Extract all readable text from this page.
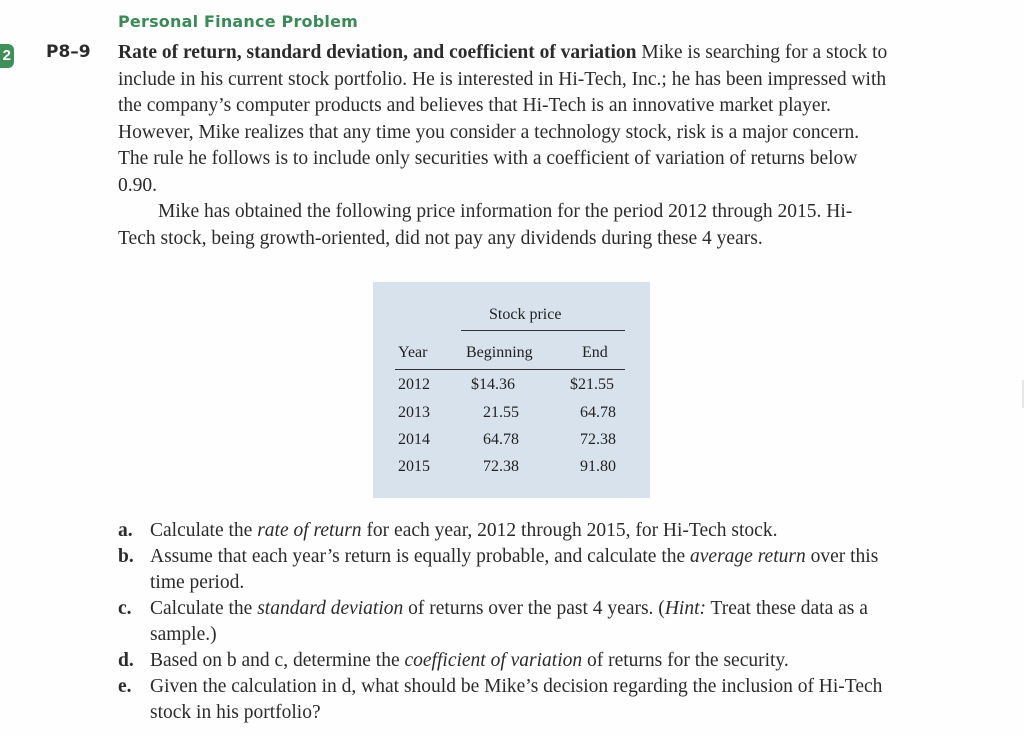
2
Personal Finance Problem
P8–9 Rate of return, standard deviation, and coefficient of variation Mike is searching for a stock to include in his current stock portfolio. He is interested in Hi-Tech, Inc.; he has been impressed with the company’s computer products and believes that Hi-Tech is an innovative market player. However, Mike realizes that any time you consider a technology stock, risk is a major concern. The rule he follows is to include only securities with a coefficient of variation of returns below 0.90.

Mike has obtained the following price information for the period 2012 through 2015. Hi-Tech stock, being growth-oriented, did not pay any dividends during these 4 years.

Stock price
Year Beginning	End
2012	$14.36	$21.55
2013	21.55	64.78
2014	64.78	72.38
2015	72.38	91.80
a. Calculate the rate of return for each year, 2012 through 2015, for Hi-Tech stock.
b. Assume that each year’s return is equally probable, and calculate the average return over this time period.
c. Calculate the standard deviation of returns over the past 4 years. (Hint: Treat these data as a sample.)
d. Based on b and c, determine the coefficient of variation of returns for the security.
e. Given the calculation in d, what should be Mike’s decision regarding the inclusion of Hi-Tech stock in his portfolio?
